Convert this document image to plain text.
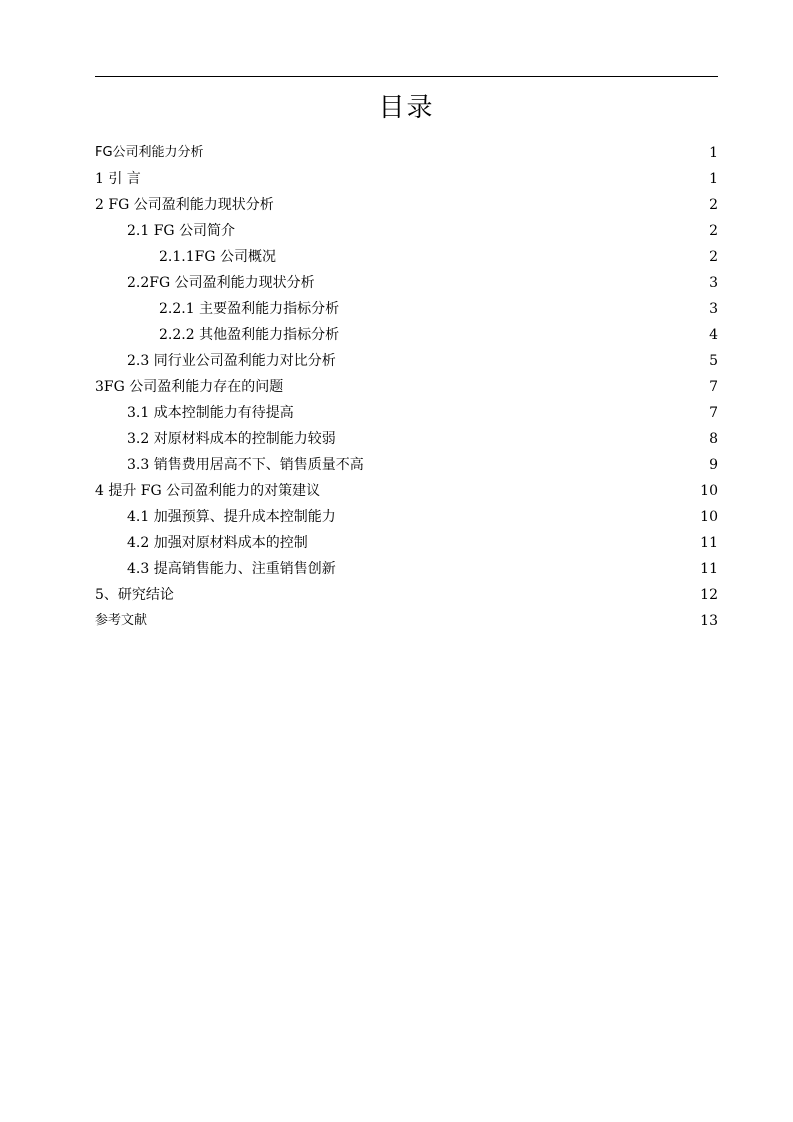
目录
FG公司利能力分析	1
1 引 言	1
2 FG 公司盈利能力现状分析	2
2.1 FG 公司简介	2
2.1.1FG 公司概况	2
2.2FG 公司盈利能力现状分析	3
2.2.1 主要盈利能力指标分析	3
2.2.2 其他盈利能力指标分析	4
2.3 同行业公司盈利能力对比分析	5
3FG 公司盈利能力存在的问题	7
3.1 成本控制能力有待提高	7
3.2 对原材料成本的控制能力较弱	8
3.3 销售费用居高不下、销售质量不高	9
4 提升 FG 公司盈利能力的对策建议	10
4.1 加强预算、提升成本控制能力	10
4.2 加强对原材料成本的控制	11
4.3 提高销售能力、注重销售创新	11
5、研究结论	12
参考文献	13
